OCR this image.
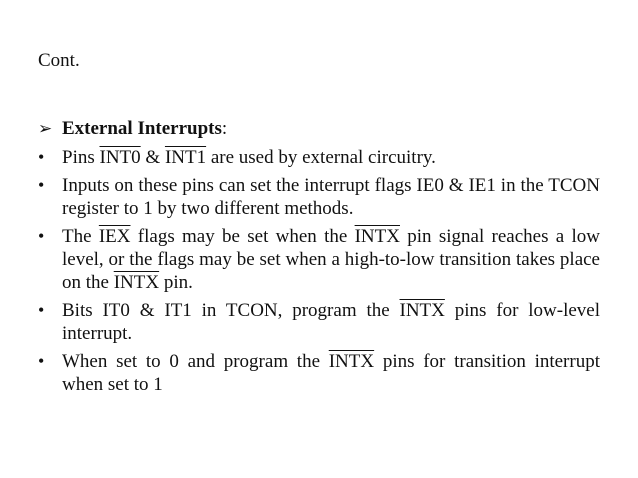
Cont.
➢ External Interrupts :
• Pins INT0 & INT1 are used by external circuitry.
• Inputs on these pins can set the interrupt flags IE0 & IE1 in the TCON register to 1 by two different methods.
• The $\overline{IEX}$ flags may be set when the INTX pin signal reaches a low level, or the flags may be set when a high-to-low transition takes place on the INTX pin.
• Bits IT0 & IT1 in TCON, program the INTX pins for low-level interrupt.
• When set to 0 and program the INTX pins for transition interrupt when set to 1
